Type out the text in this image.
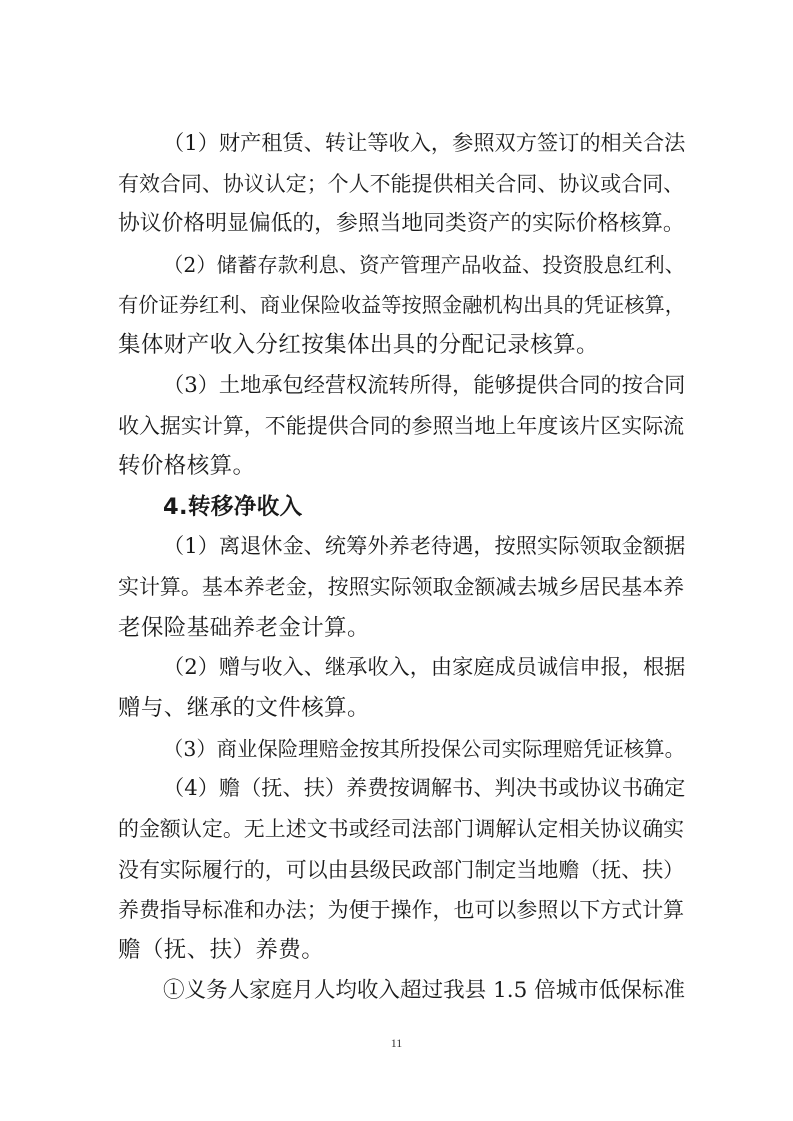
（1）财产租赁、转让等收入，参照双方签订的相关合法
有效合同、协议认定；个人不能提供相关合同、协议或合同、
协议价格明显偏低的，参照当地同类资产的实际价格核算。
（2）储蓄存款利息、资产管理产品收益、投资股息红利、
有价证券红利、商业保险收益等按照金融机构出具的凭证核算，
集体财产收入分红按集体出具的分配记录核算。
（3）土地承包经营权流转所得，能够提供合同的按合同
收入据实计算，不能提供合同的参照当地上年度该片区实际流
转价格核算。
4.转移净收入
（1）离退休金、统筹外养老待遇，按照实际领取金额据
实计算。基本养老金，按照实际领取金额减去城乡居民基本养
老保险基础养老金计算。
（2）赠与收入、继承收入，由家庭成员诚信申报，根据
赠与、继承的文件核算。
（3）商业保险理赔金按其所投保公司实际理赔凭证核算。
（4）赡（抚、扶）养费按调解书、判决书或协议书确定
的金额认定。无上述文书或经司法部门调解认定相关协议确实
没有实际履行的，可以由县级民政部门制定当地赡（抚、扶）
养费指导标准和办法；为便于操作，也可以参照以下方式计算
赡（抚、扶）养费。
①义务人家庭月人均收入超过我县 1.5 倍城市低保标准
11
